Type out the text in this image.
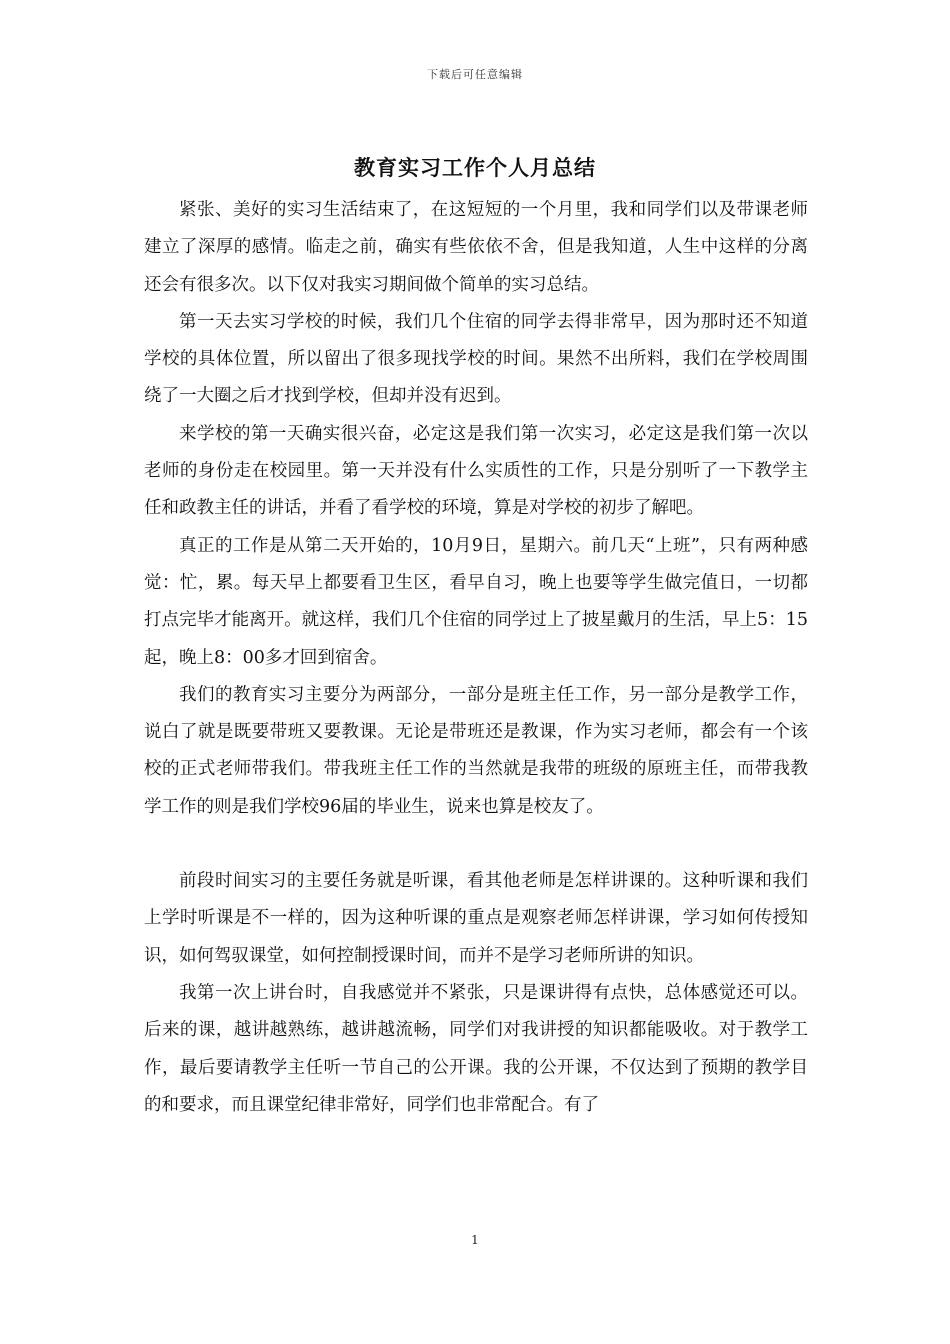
下载后可任意编辑
教育实习工作个人月总结

紧张、美好的实习生活结束了，在这短短的一个月里，我和同学们以及带课老师建立了深厚的感情。临走之前，确实有些依依不舍，但是我知道，人生中这样的分离还会有很多次。以下仅对我实习期间做个简单的实习总结。

第一天去实习学校的时候，我们几个住宿的同学去得非常早，因为那时还不知道学校的具体位置，所以留出了很多现找学校的时间。果然不出所料，我们在学校周围绕了一大圈之后才找到学校，但却并没有迟到。

来学校的第一天确实很兴奋，必定这是我们第一次实习，必定这是我们第一次以老师的身份走在校园里。第一天并没有什么实质性的工作，只是分别听了一下教学主任和政教主任的讲话，并看了看学校的环境，算是对学校的初步了解吧。

真正的工作是从第二天开始的，10月9日，星期六。前几天“上班”，只有两种感觉：忙，累。每天早上都要看卫生区，看早自习，晚上也要等学生做完值日，一切都打点完毕才能离开。就这样，我们几个住宿的同学过上了披星戴月的生活，早上5：15起，晚上8：00多才回到宿舍。

我们的教育实习主要分为两部分，一部分是班主任工作，另一部分是教学工作，说白了就是既要带班又要教课。无论是带班还是教课，作为实习老师，都会有一个该校的正式老师带我们。带我班主任工作的当然就是我带的班级的原班主任，而带我教学工作的则是我们学校96届的毕业生，说来也算是校友了。

前段时间实习的主要任务就是听课，看其他老师是怎样讲课的。这种听课和我们上学时听课是不一样的，因为这种听课的重点是观察老师怎样讲课，学习如何传授知识，如何驾驭课堂，如何控制授课时间，而并不是学习老师所讲的知识。

我第一次上讲台时，自我感觉并不紧张，只是课讲得有点快，总体感觉还可以。后来的课，越讲越熟练，越讲越流畅，同学们对我讲授的知识都能吸收。对于教学工作，最后要请教学主任听一节自己的公开课。我的公开课，不仅达到了预期的教学目的和要求，而且课堂纪律非常好，同学们也非常配合。有了

1
